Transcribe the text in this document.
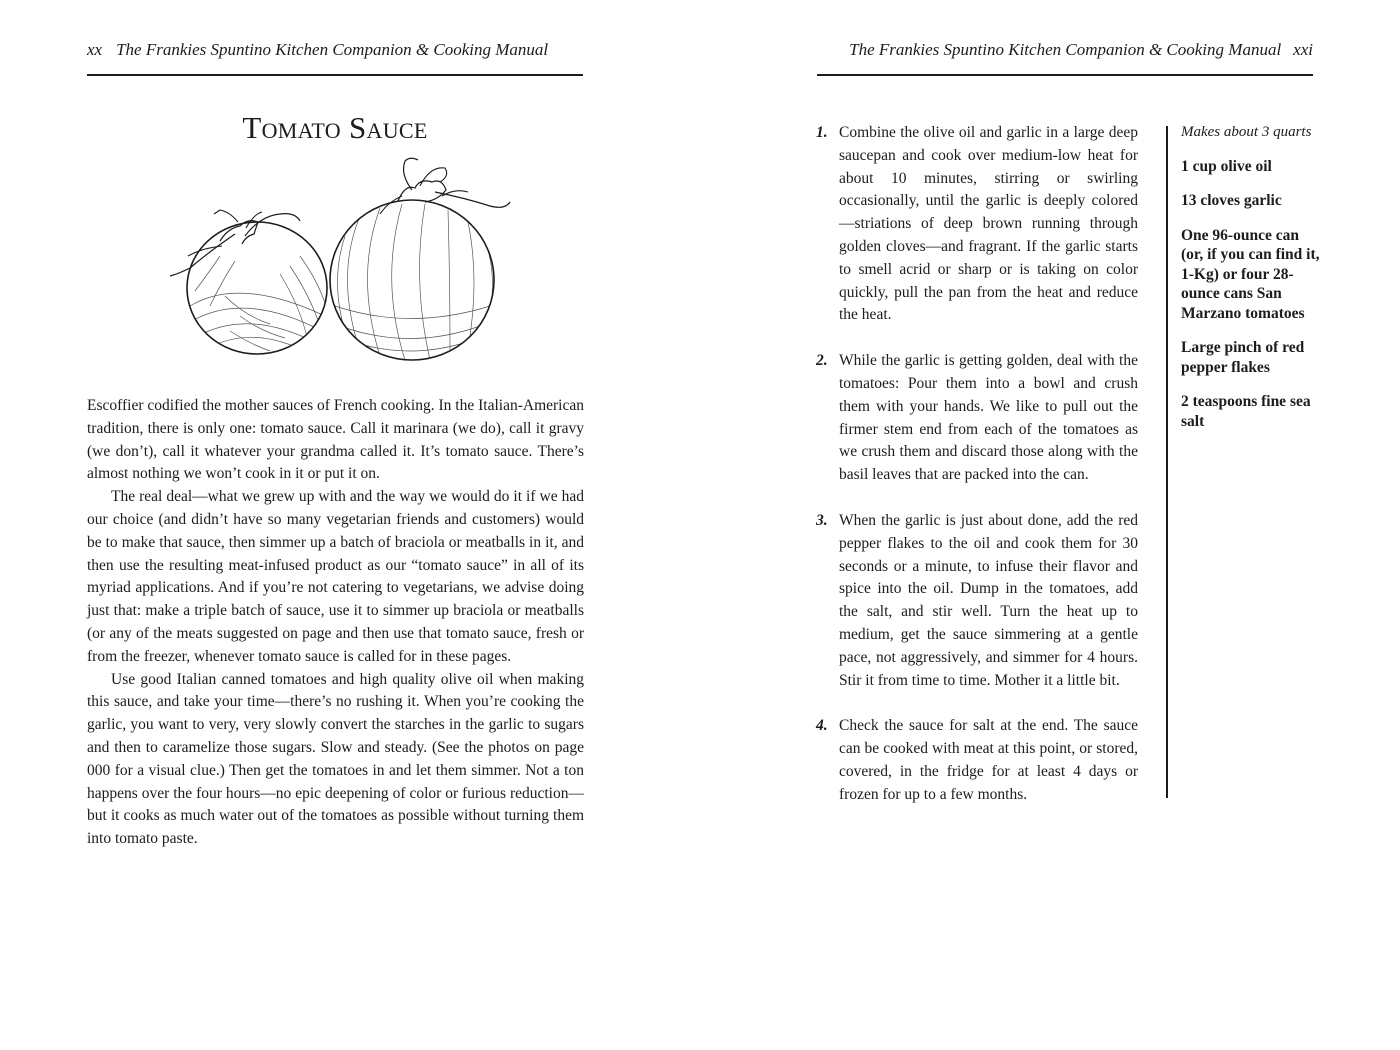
xx The Frankies Spuntino Kitchen Companion & Cooking Manual
Tomato Sauce

Escoffier codified the mother sauces of French cooking. In the Italian-American tradition, there is only one: tomato sauce. Call it marinara (we do), call it gravy (we don’t), call it whatever your grandma called it. It’s tomato sauce. There’s almost nothing we won’t cook in it or put it on.

The real deal—what we grew up with and the way we would do it if we had our choice (and didn’t have so many vegetarian friends and customers) would be to make that sauce, then simmer up a batch of braciola or meatballs in it, and then use the resulting meat-infused product as our “tomato sauce” in all of its myriad applications. And if you’re not catering to vegetarians, we advise doing just that: make a triple batch of sauce, use it to simmer up braciola or meatballs (or any of the meats suggested on page and then use that tomato sauce, fresh or from the freezer, whenever tomato sauce is called for in these pages.

Use good Italian canned tomatoes and high quality olive oil when making this sauce, and take your time—there’s no rushing it. When you’re cooking the garlic, you want to very, very slowly convert the starches in the garlic to sugars and then to caramelize those sugars. Slow and steady. (See the photos on page 000 for a visual clue.) Then get the tomatoes in and let them simmer. Not a ton happens over the four hours—no epic deepening of color or furious reduction—but it cooks as much water out of the tomatoes as possible without turning them into tomato paste.

The Frankies Spuntino Kitchen Companion & Cooking Manual xxi
1. Combine the olive oil and garlic in a large deep saucepan and cook over medium-low heat for about 10 minutes, stirring or swirling occasionally, until the garlic is deeply colored—striations of deep brown running through golden cloves—and fragrant. If the garlic starts to smell acrid or sharp or is taking on color quickly, pull the pan from the heat and reduce the heat.
2. While the garlic is getting golden, deal with the tomatoes: Pour them into a bowl and crush them with your hands. We like to pull out the firmer stem end from each of the tomatoes as we crush them and discard those along with the basil leaves that are packed into the can.
3. When the garlic is just about done, add the red pepper flakes to the oil and cook them for 30 seconds or a minute, to infuse their flavor and spice into the oil. Dump in the tomatoes, add the salt, and stir well. Turn the heat up to medium, get the sauce simmering at a gentle pace, not aggressively, and simmer for 4 hours. Stir it from time to time. Mother it a little bit.
4. Check the sauce for salt at the end. The sauce can be cooked with meat at this point, or stored, covered, in the fridge for at least 4 days or frozen for up to a few months.
Makes about 3 quarts
1 cup olive oil
13 cloves garlic
One 96-ounce can (or, if you can find it, 1-Kg) or four 28-ounce cans San Marzano tomatoes
Large pinch of red pepper flakes
2 teaspoons fine sea salt
